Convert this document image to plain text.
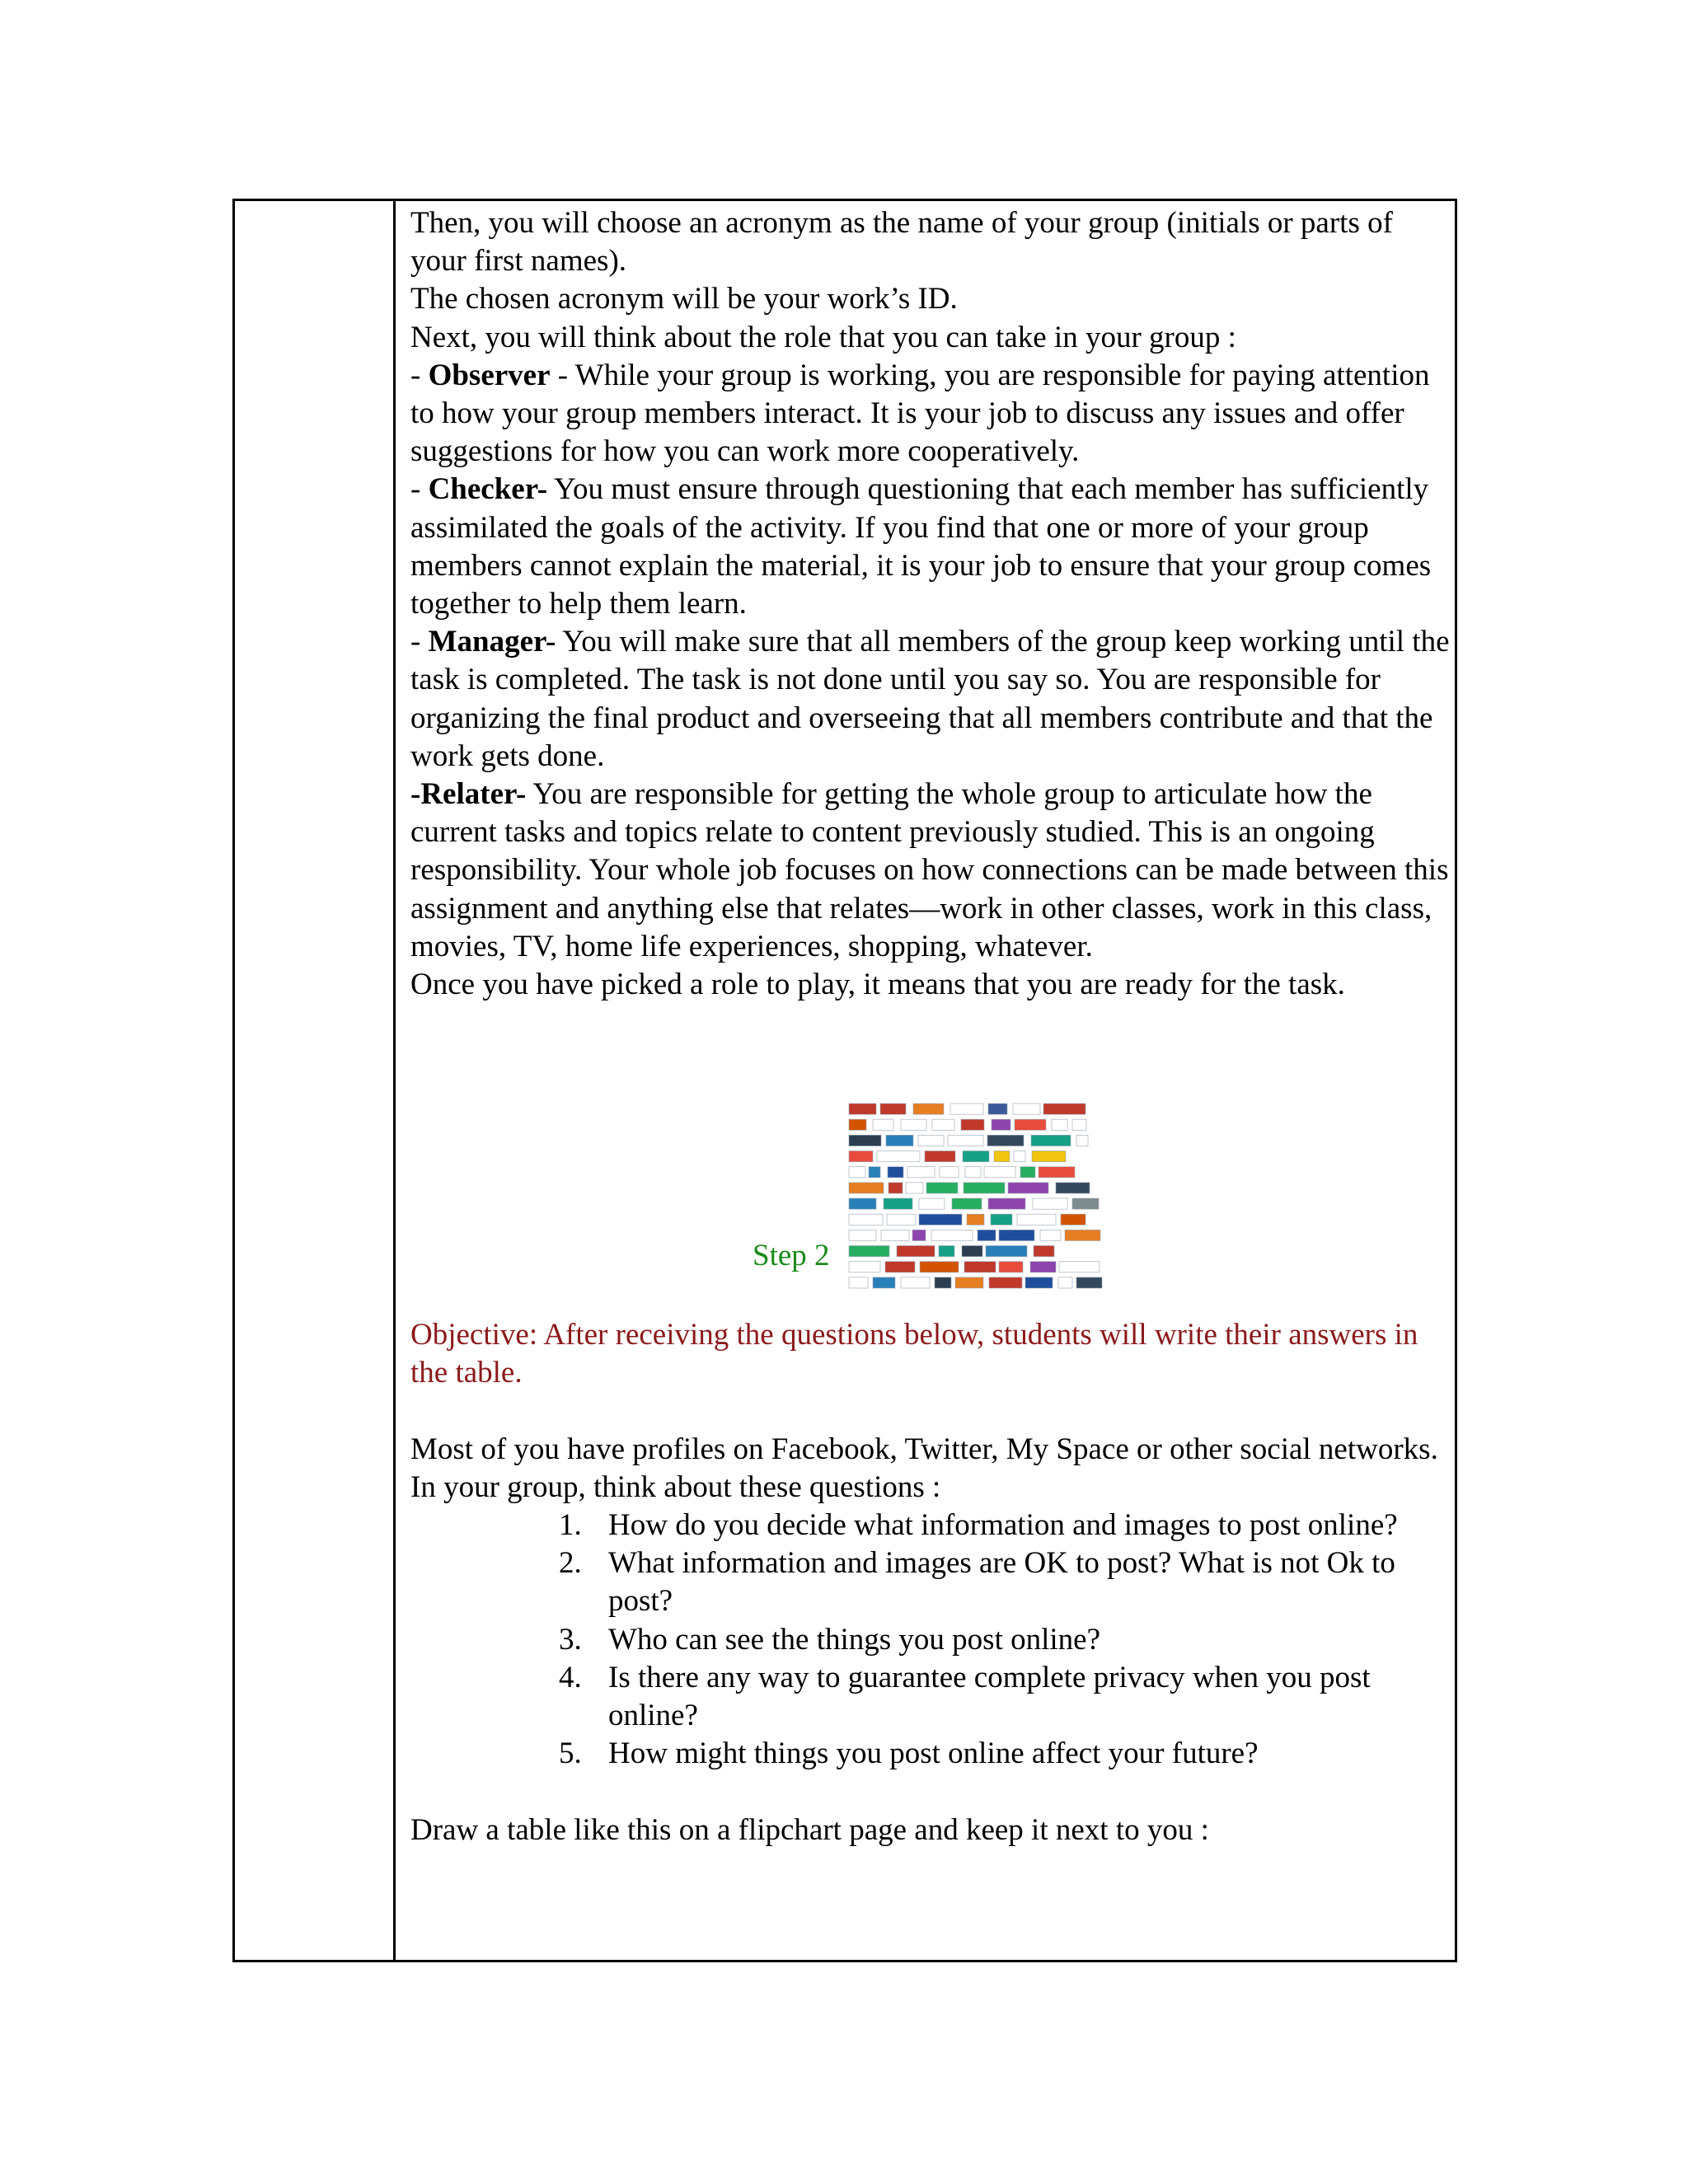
Then, you will choose an acronym as the name of your group (initials or parts of your first names).

The chosen acronym will be your work’s ID.

Next, you will think about the role that you can take in your group :

- Observer - While your group is working, you are responsible for paying attention to how your group members interact. It is your job to discuss any issues and offer suggestions for how you can work more cooperatively.

- Checker- You must ensure through questioning that each member has sufficiently assimilated the goals of the activity. If you find that one or more of your group members cannot explain the material, it is your job to ensure that your group comes together to help them learn.

- Manager- You will make sure that all members of the group keep working until the task is completed. The task is not done until you say so. You are responsible for organizing the final product and overseeing that all members contribute and that the work gets done.

-Relater- You are responsible for getting the whole group to articulate how the current tasks and topics relate to content previously studied. This is an ongoing responsibility. Your whole job focuses on how connections can be made between this assignment and anything else that relates—work in other classes, work in this class, movies, TV, home life experiences, shopping, whatever.

Once you have picked a role to play, it means that you are ready for the task.

Step 2

Objective: After receiving the questions below, students will write their answers in the table.

Most of you have profiles on Facebook, Twitter, My Space or other social networks. In your group, think about these questions :

1. How do you decide what information and images to post online?
2. What information and images are OK to post? What is not Ok to post?
3. Who can see the things you post online?
4. Is there any way to guarantee complete privacy when you post online?
5. How might things you post online affect your future?

Draw a table like this on a flipchart page and keep it next to you :
